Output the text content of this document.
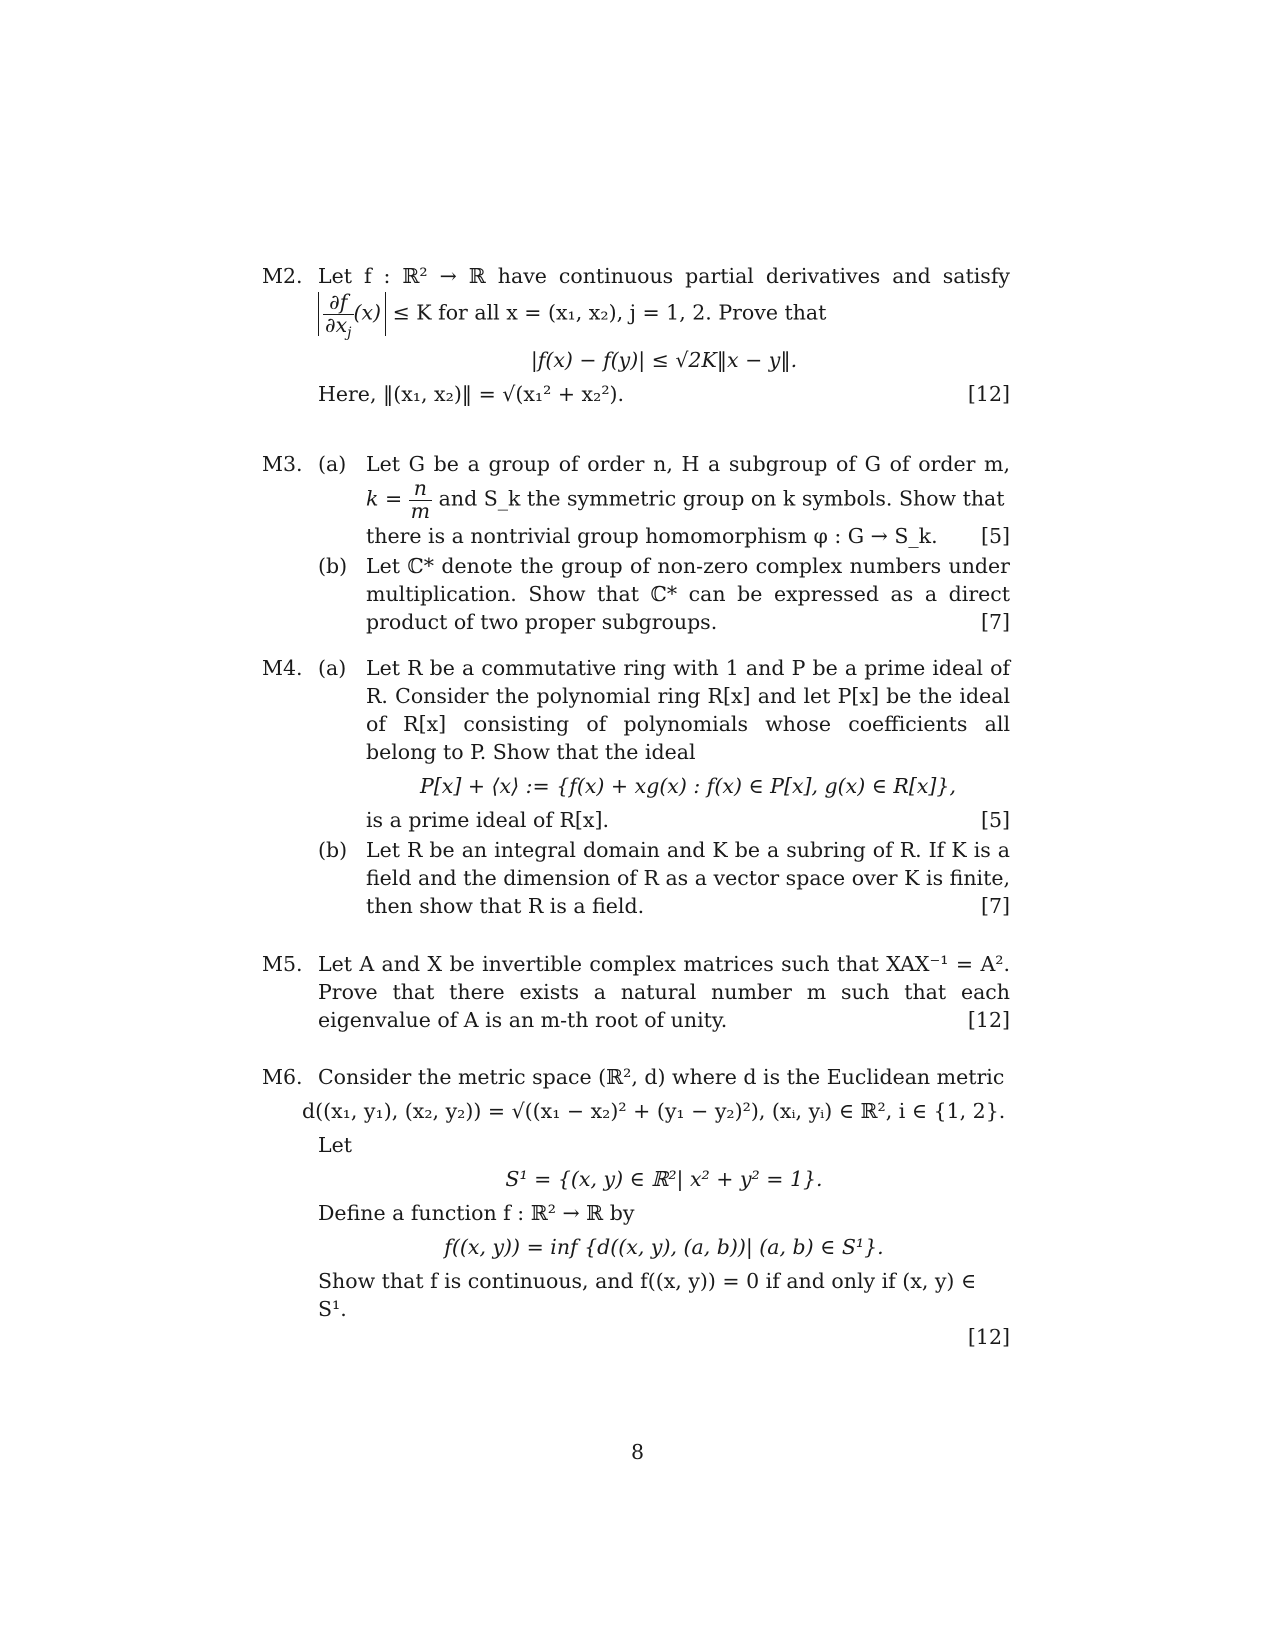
M2. Let f : ℝ² → ℝ have continuous partial derivatives and satisfy
$\frac{\partial f}{\partial x_j} (x) \le K$ for all x = (x₁, x₂), j = 1, 2. Prove that
|f(x) − f(y)| ≤ √2K‖x − y‖.
Here, ‖(x₁, x₂)‖ = √(x₁² + x₂²).	[12]
M3. (a) Let G be a group of order n, H a subgroup of G of order m,
$k = \frac{n}{m}$ and S_k the symmetric group on k symbols. Show that
there is a nontrivial group homomorphism φ : G → S_k. [5]
(b) Let ℂ* denote the group of non-zero complex numbers under multiplication. Show that ℂ* can be expressed as a direct product of two proper subgroups.	[7]
M4. (a) Let R be a commutative ring with 1 and P be a prime ideal of R. Consider the polynomial ring R[x] and let P[x] be the ideal of R[x] consisting of polynomials whose coefficients all belong to P. Show that the ideal
P[x] + ⟨x⟩ := {f(x) + xg(x) : f(x) ∈ P[x], g(x) ∈ R[x]},
is a prime ideal of R[x].	[5]
(b) Let R be an integral domain and K be a subring of R. If K is a field and the dimension of R as a vector space over K is finite, then show that R is a field.	[7]
M5. Let A and X be invertible complex matrices such that XAX⁻¹ = A². Prove that there exists a natural number m such that each eigenvalue of A is an m-th root of unity.	[12]
M6. Consider the metric space (ℝ², d) where d is the Euclidean metric
d((x₁, y₁), (x₂, y₂)) = √((x₁ − x₂)² + (y₁ − y₂)²), (xᵢ, yᵢ) ∈ ℝ², i ∈ {1, 2}.
Let
S¹ = {(x, y) ∈ ℝ²| x² + y² = 1}.
Define a function f : ℝ² → ℝ by
f((x, y)) = inf {d((x, y), (a, b))| (a, b) ∈ S¹}.
Show that f is continuous, and f((x, y)) = 0 if and only if (x, y) ∈ S¹.
[12]
8
